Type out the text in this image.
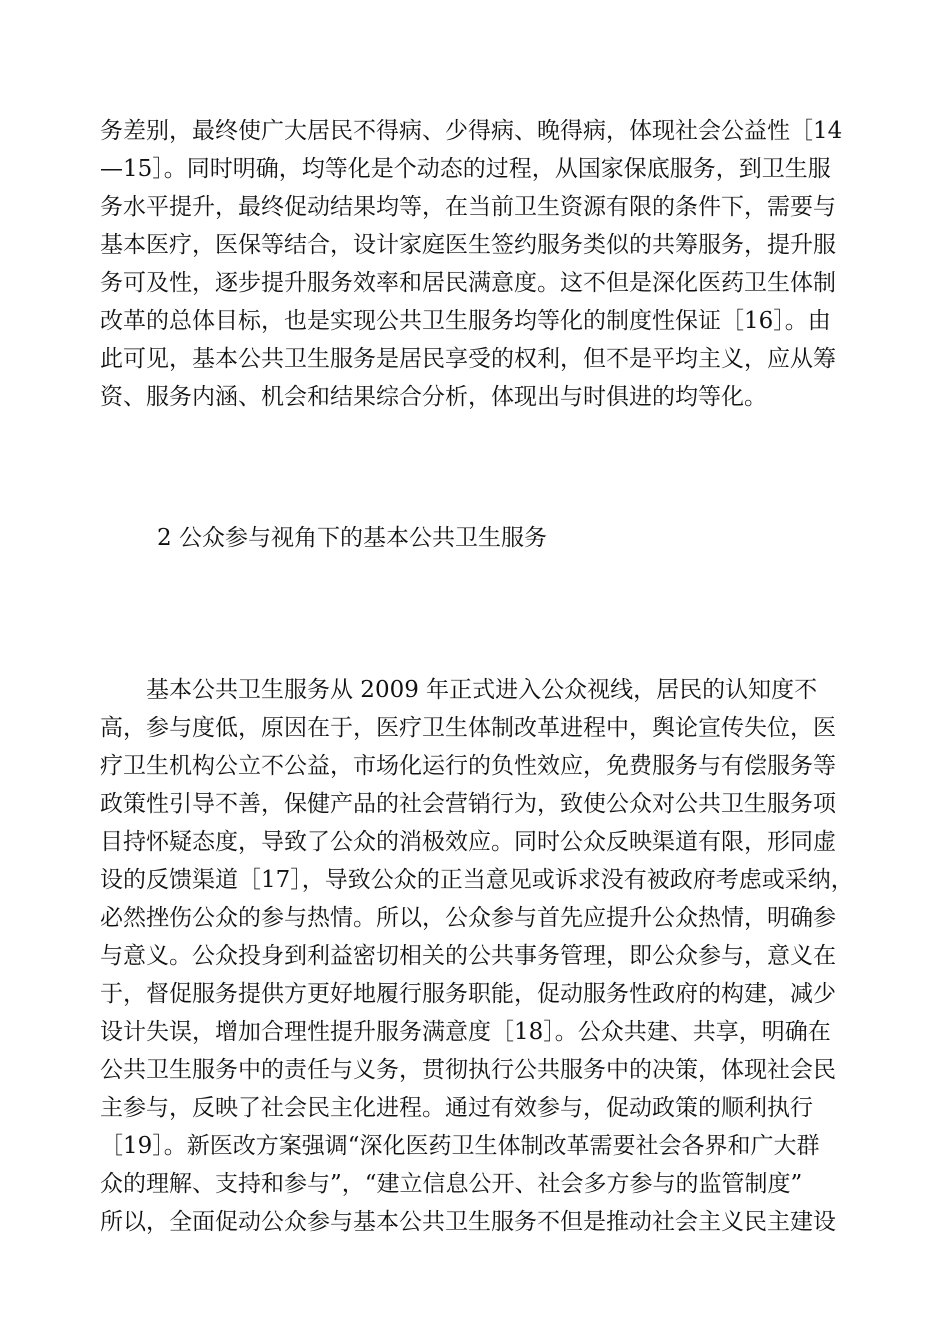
务差别，最终使广大居民不得病、少得病、晚得病，体现社会公益性［14
—15］。同时明确，均等化是个动态的过程，从国家保底服务，到卫生服
务水平提升，最终促动结果均等，在当前卫生资源有限的条件下，需要与
基本医疗，医保等结合，设计家庭医生签约服务类似的共筹服务，提升服
务可及性，逐步提升服务效率和居民满意度。这不但是深化医药卫生体制
改革的总体目标，也是实现公共卫生服务均等化的制度性保证［16］。由
此可见，基本公共卫生服务是居民享受的权利，但不是平均主义，应从筹
资、服务内涵、机会和结果综合分析，体现出与时俱进的均等化。
2 公众参与视角下的基本公共卫生服务
　　基本公共卫生服务从 2009 年正式进入公众视线，居民的认知度不
高，参与度低，原因在于，医疗卫生体制改革进程中，舆论宣传失位，医
疗卫生机构公立不公益，市场化运行的负性效应，免费服务与有偿服务等
政策性引导不善，保健产品的社会营销行为，致使公众对公共卫生服务项
目持怀疑态度，导致了公众的消极效应。同时公众反映渠道有限，形同虚
设的反馈渠道［17］，导致公众的正当意见或诉求没有被政府考虑或采纳，
必然挫伤公众的参与热情。所以，公众参与首先应提升公众热情，明确参
与意义。公众投身到利益密切相关的公共事务管理，即公众参与，意义在
于，督促服务提供方更好地履行服务职能，促动服务性政府的构建，减少
设计失误，增加合理性提升服务满意度［18］。公众共建、共享，明确在
公共卫生服务中的责任与义务，贯彻执行公共服务中的决策，体现社会民
主参与，反映了社会民主化进程。通过有效参与，促动政策的顺利执行
［19］。新医改方案强调“深化医药卫生体制改革需要社会各界和广大群
众的理解、支持和参与”，“建立信息公开、社会多方参与的监管制度”
所以，全面促动公众参与基本公共卫生服务不但是推动社会主义民主建设
